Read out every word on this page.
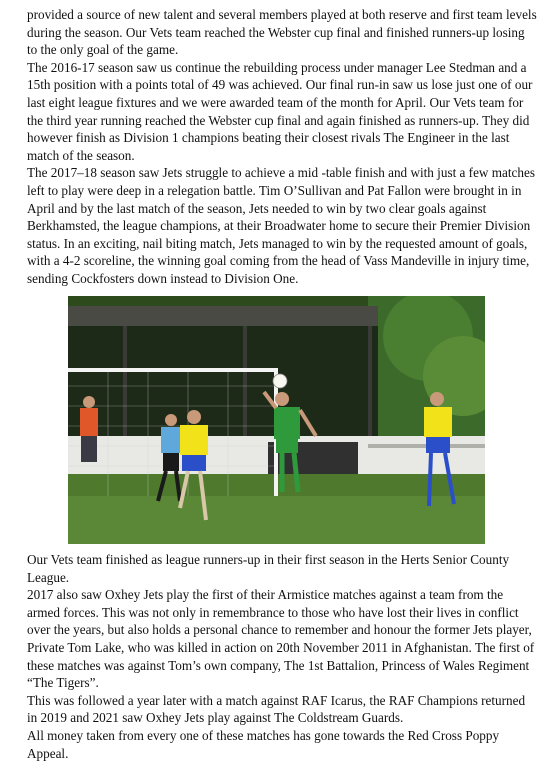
provided a source of new talent and several members played at both reserve and first team levels during the season. Our Vets team reached the Webster cup final and finished runners-up losing to the only goal of the game.

The 2016-17 season saw us continue the rebuilding process under manager Lee Stedman and a 15th position with a points total of 49 was achieved. Our final run-in saw us lose just one of our last eight league fixtures and we were awarded team of the month for April. Our Vets team for the third year running reached the Webster cup final and again finished as runners-up. They did however finish as Division 1 champions beating their closest rivals The Engineer in the last match of the season.

The 2017–18 season saw Jets struggle to achieve a mid -table finish and with just a few matches left to play were deep in a relegation battle. Tim O’Sullivan and Pat Fallon were brought in in April and by the last match of the season, Jets needed to win by two clear goals against Berkhamsted, the league champions, at their Broadwater home to secure their Premier Division status. In an exciting, nail biting match, Jets managed to win by the requested amount of goals, with a 4-2 scoreline, the winning goal coming from the head of Vass Mandeville in injury time, sending Cockfosters down instead to Division One.

Our Vets team finished as league runners-up in their first season in the Herts Senior County League.

2017 also saw Oxhey Jets play the first of their Armistice matches against a team from the armed forces. This was not only in remembrance to those who have lost their lives in conflict over the years, but also holds a personal chance to remember and honour the former Jets player, Private Tom Lake, who was killed in action on 20th November 2011 in Afghanistan. The first of these matches was against Tom’s own company, The 1st Battalion, Princess of Wales Regiment “The Tigers”.

This was followed a year later with a match against RAF Icarus, the RAF Champions returned in 2019 and 2021 saw Oxhey Jets play against The Coldstream Guards.

All money taken from every one of these matches has gone towards the Red Cross Poppy Appeal.
